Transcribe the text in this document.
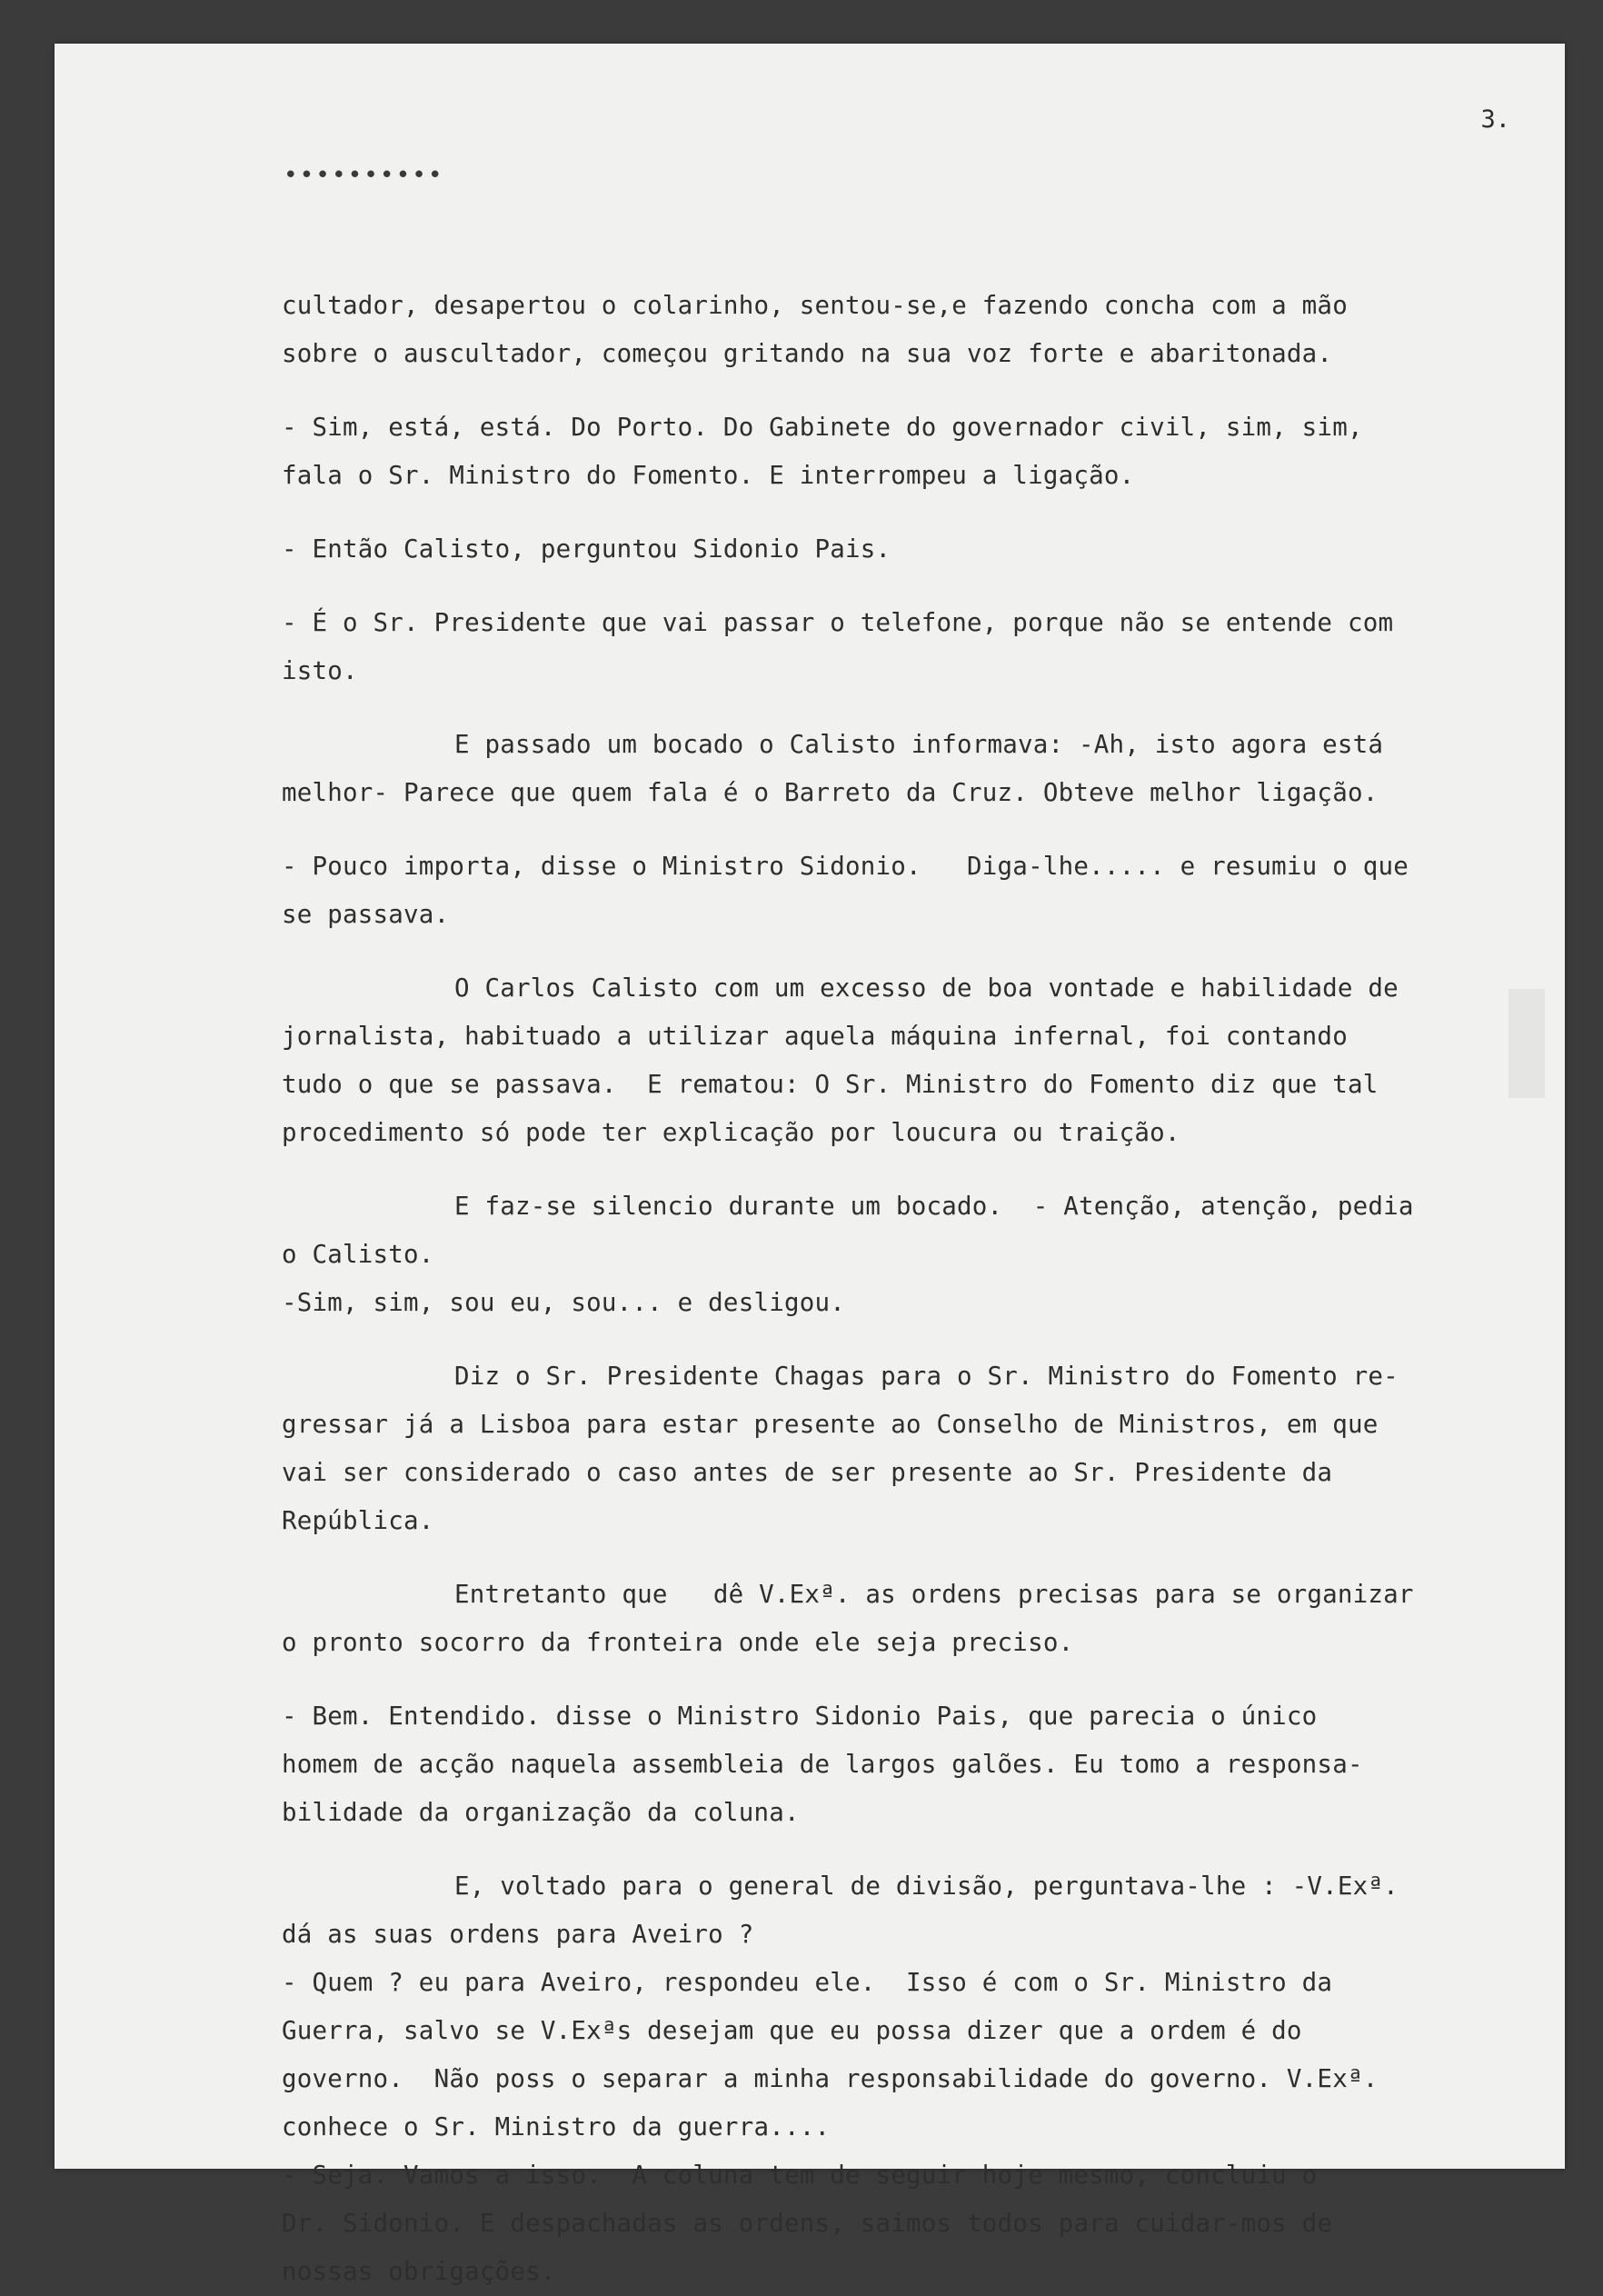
3.
••••••••••

cultador, desapertou o colarinho, sentou-se,e fazendo concha com a mão
sobre o auscultador, começou gritando na sua voz forte e abaritonada.

- Sim, está, está. Do Porto. Do Gabinete do governador civil, sim, sim,
fala o Sr. Ministro do Fomento. E interrompeu a ligação.

- Então Calisto, perguntou Sidonio Pais.

- É o Sr. Presidente que vai passar o telefone, porque não se entende com
isto.

E passado um bocado o Calisto informava: -Ah, isto agora está
melhor- Parece que quem fala é o Barreto da Cruz. Obteve melhor ligação.

- Pouco importa, disse o Ministro Sidonio.   Diga-lhe..... e resumiu o que
se passava.

O Carlos Calisto com um excesso de boa vontade e habilidade de
jornalista, habituado a utilizar aquela máquina infernal, foi contando
tudo o que se passava.  E rematou: O Sr. Ministro do Fomento diz que tal
procedimento só pode ter explicação por loucura ou traição.

E faz-se silencio durante um bocado.  - Atenção, atenção, pedia
o Calisto.
-Sim, sim, sou eu, sou... e desligou.

Diz o Sr. Presidente Chagas para o Sr. Ministro do Fomento re-
gressar já a Lisboa para estar presente ao Conselho de Ministros, em que
vai ser considerado o caso antes de ser presente ao Sr. Presidente da
República.

Entretanto que   dê V.Exª. as ordens precisas para se organizar
o pronto socorro da fronteira onde ele seja preciso.

- Bem. Entendido. disse o Ministro Sidonio Pais, que parecia o único
homem de acção naquela assembleia de largos galões. Eu tomo a responsa-
bilidade da organização da coluna.

E, voltado para o general de divisão, perguntava-lhe : -V.Exª.
dá as suas ordens para Aveiro ?
- Quem ? eu para Aveiro, respondeu ele.  Isso é com o Sr. Ministro da
Guerra, salvo se V.Exªs desejam que eu possa dizer que a ordem é do
governo.  Não poss o separar a minha responsabilidade do governo. V.Exª.
conhece o Sr. Ministro da guerra....
- Seja. Vamos a isso.  A coluna tem de seguir hoje mesmo, concluiu o
Dr. Sidonio. E despachadas as ordens, saimos todos para cuidar-mos de
nossas obrigações.
